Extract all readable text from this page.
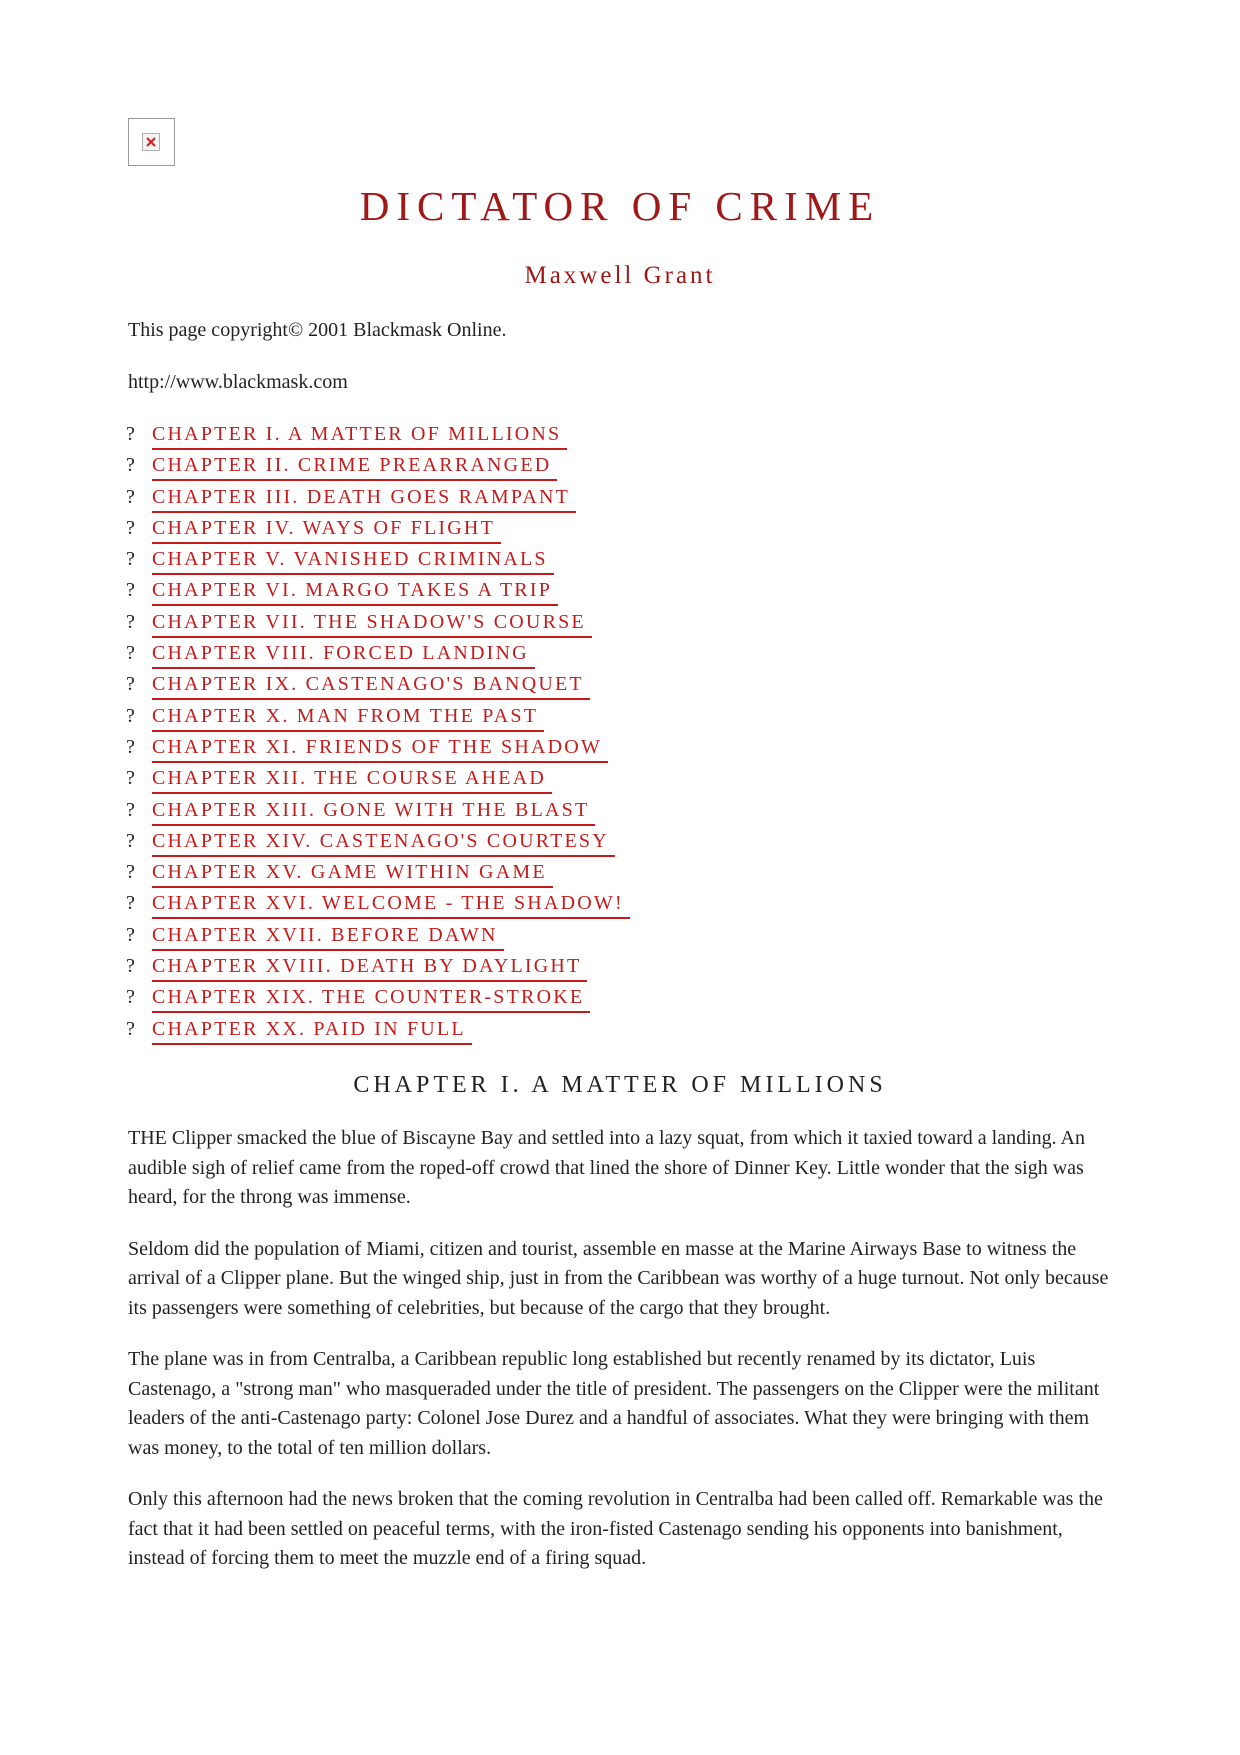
DICTATOR OF CRIME
Maxwell Grant
This page copyright© 2001 Blackmask Online.
http://www.blackmask.com
? CHAPTER I. A MATTER OF MILLIONS
? CHAPTER II. CRIME PREARRANGED
? CHAPTER III. DEATH GOES RAMPANT
? CHAPTER IV. WAYS OF FLIGHT
? CHAPTER V. VANISHED CRIMINALS
? CHAPTER VI. MARGO TAKES A TRIP
? CHAPTER VII. THE SHADOW'S COURSE
? CHAPTER VIII. FORCED LANDING
? CHAPTER IX. CASTENAGO'S BANQUET
? CHAPTER X. MAN FROM THE PAST
? CHAPTER XI. FRIENDS OF THE SHADOW
? CHAPTER XII. THE COURSE AHEAD
? CHAPTER XIII. GONE WITH THE BLAST
? CHAPTER XIV. CASTENAGO'S COURTESY
? CHAPTER XV. GAME WITHIN GAME
? CHAPTER XVI. WELCOME - THE SHADOW!
? CHAPTER XVII. BEFORE DAWN
? CHAPTER XVIII. DEATH BY DAYLIGHT
? CHAPTER XIX. THE COUNTER-STROKE
? CHAPTER XX. PAID IN FULL
CHAPTER I. A MATTER OF MILLIONS

THE Clipper smacked the blue of Biscayne Bay and settled into a lazy squat, from which it taxied toward a landing. An audible sigh of relief came from the roped-off crowd that lined the shore of Dinner Key. Little wonder that the sigh was heard, for the throng was immense.

Seldom did the population of Miami, citizen and tourist, assemble en masse at the Marine Airways Base to witness the arrival of a Clipper plane. But the winged ship, just in from the Caribbean was worthy of a huge turnout. Not only because its passengers were something of celebrities, but because of the cargo that they brought.

The plane was in from Centralba, a Caribbean republic long established but recently renamed by its dictator, Luis Castenago, a "strong man" who masqueraded under the title of president. The passengers on the Clipper were the militant leaders of the anti-Castenago party: Colonel Jose Durez and a handful of associates. What they were bringing with them was money, to the total of ten million dollars.

Only this afternoon had the news broken that the coming revolution in Centralba had been called off. Remarkable was the fact that it had been settled on peaceful terms, with the iron-fisted Castenago sending his opponents into banishment, instead of forcing them to meet the muzzle end of a firing squad.
